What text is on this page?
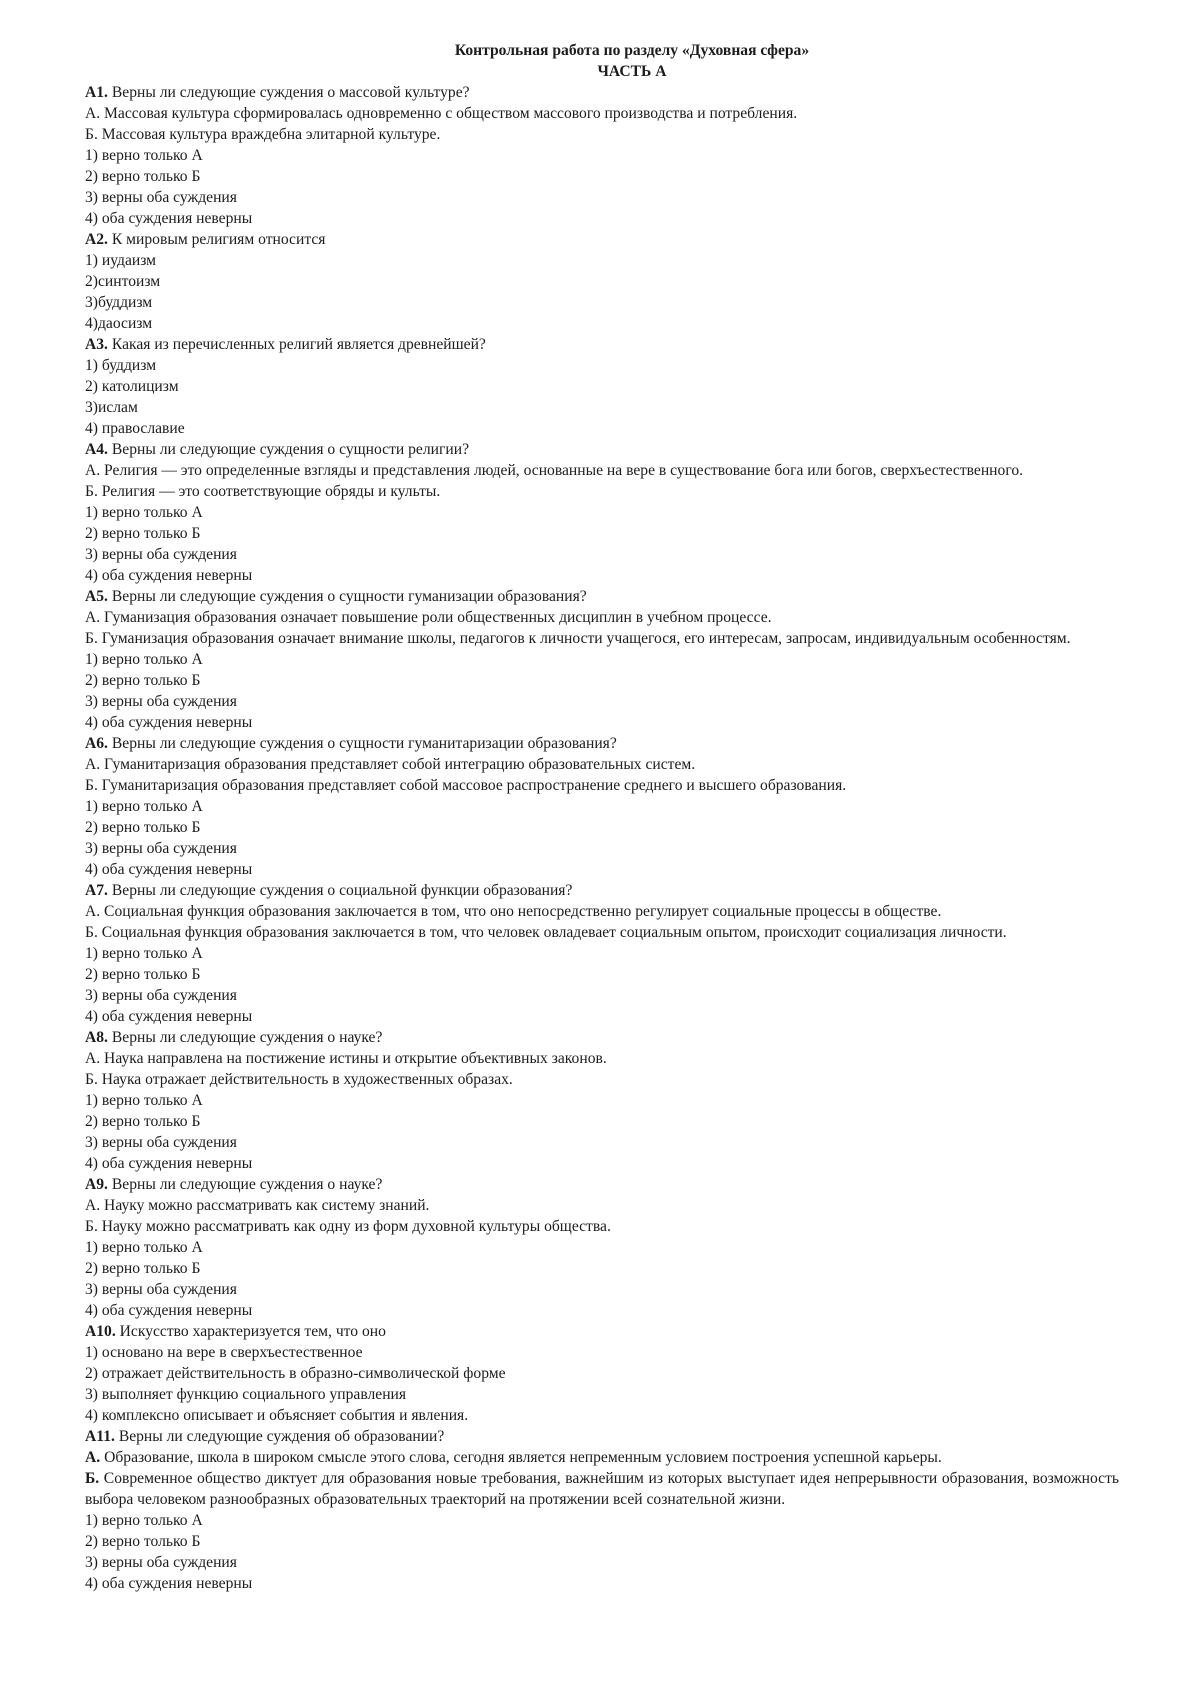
Контрольная работа по разделу «Духовная сфера»
ЧАСТЬ А
А1. Верны ли следующие суждения о массовой культуре?
А. Массовая культура сформировалась одновременно с обществом массового производства и потребления.
Б. Массовая культура враждебна элитарной культуре.
1) верно только А
2) верно только Б
3) верны оба суждения
4) оба суждения неверны
А2. К мировым религиям относится
1) иудаизм
2)синтоизм
3)буддизм
4)даосизм
А3. Какая из перечисленных религий является древнейшей?
1) буддизм
2) католицизм
3)ислам
4) православие
А4. Верны ли следующие суждения о сущности религии?
А. Религия — это определенные взгляды и представления людей, основанные на вере в существование бога или богов, сверхъестественного.
Б. Религия — это соответствующие обряды и культы.
1) верно только А
2) верно только Б
3) верны оба суждения
4) оба суждения неверны
А5. Верны ли следующие суждения о сущности гуманизации образования?
А. Гуманизация образования означает повышение роли общественных дисциплин в учебном процессе.
Б. Гуманизация образования означает внимание школы, педагогов к личности учащегося, его интересам, запросам, индивидуальным особенностям.
1) верно только А
2) верно только Б
3) верны оба суждения
4) оба суждения неверны
А6. Верны ли следующие суждения о сущности гуманитаризации образования?
А. Гуманитаризация образования представляет собой интеграцию образовательных систем.
Б. Гуманитаризация образования представляет собой массовое распространение среднего и высшего образования.
1) верно только А
2) верно только Б
3) верны оба суждения
4) оба суждения неверны
А7. Верны ли следующие суждения о социальной функции образования?
А. Социальная функция образования заключается в том, что оно непосредственно регулирует социальные процессы в обществе.
Б. Социальная функция образования заключается в том, что человек овладевает социальным опытом, происходит социализация личности.
1) верно только А
2) верно только Б
3) верны оба суждения
4) оба суждения неверны
А8. Верны ли следующие суждения о науке?
А. Наука направлена на постижение истины и открытие объективных законов.
Б. Наука отражает действительность в художественных образах.
1) верно только А
2) верно только Б
3) верны оба суждения
4) оба суждения неверны
А9. Верны ли следующие суждения о науке?
А. Науку можно рассматривать как систему знаний.
Б. Науку можно рассматривать как одну из форм духовной культуры общества.
1) верно только А
2) верно только Б
3) верны оба суждения
4) оба суждения неверны
А10. Искусство характеризуется тем, что оно
1) основано на вере в сверхъестественное
2) отражает действительность в образно-символической форме
3) выполняет функцию социального управления
4) комплексно описывает и объясняет события и явления.
А11. Верны ли следующие суждения об образовании?
А. Образование, школа в широком смысле этого слова, сегодня является непременным условием построения успешной карьеры.
Б. Современное общество диктует для образования новые требования, важнейшим из которых выступает идея непрерывности образования, возможность выбора человеком разнообразных образовательных траекторий на протяжении всей сознательной жизни.
1) верно только А
2) верно только Б
3) верны оба суждения
4) оба суждения неверны
